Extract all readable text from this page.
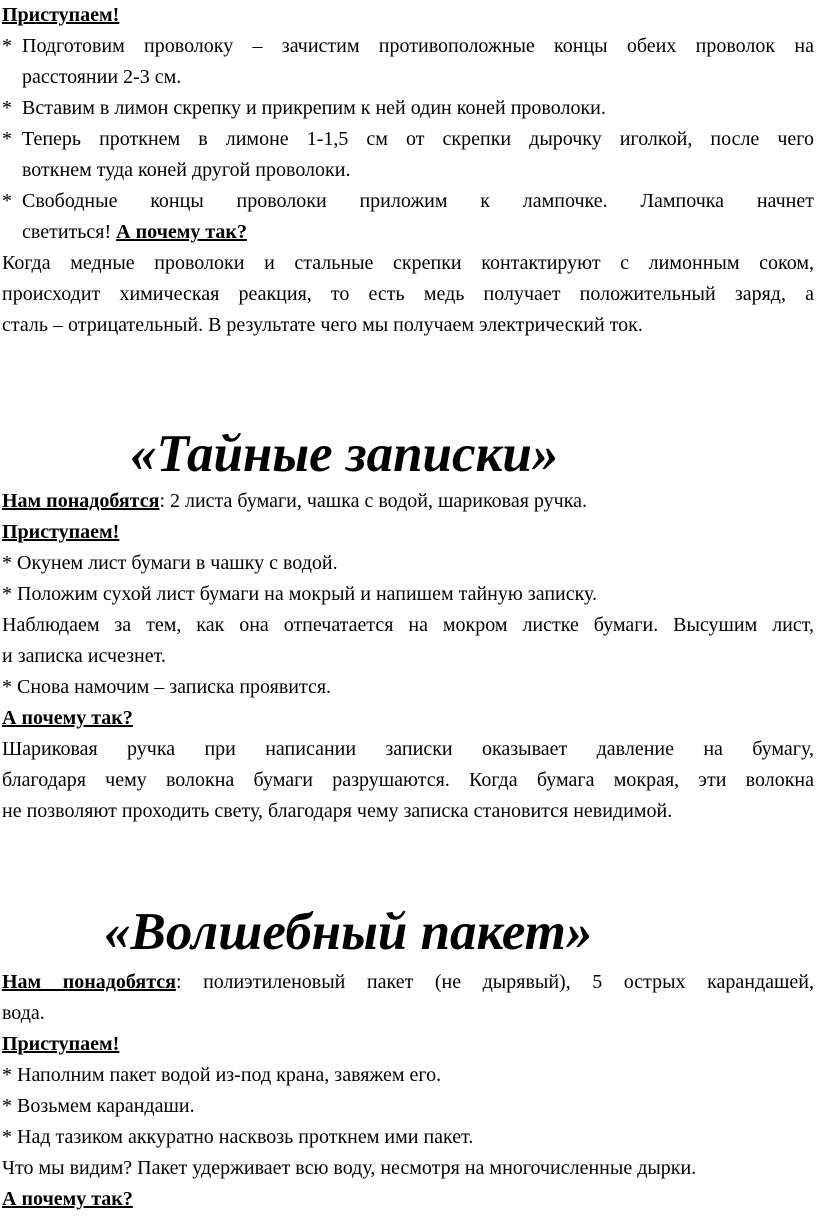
Приступаем!
* Подготовим проволоку – зачистим противоположные концы обеих проволок на
расстоянии 2-3 см.
* Вставим в лимон скрепку и прикрепим к ней один коней проволоки.
* Теперь проткнем в лимоне 1-1,5 см от скрепки дырочку иголкой, после чего
воткнем туда коней другой проволоки.
* Свободные концы проволоки приложим к лампочке. Лампочка начнет
светиться! А почему так?
Когда медные проволоки и стальные скрепки контактируют с лимонным соком,
происходит химическая реакция, то есть медь получает положительный заряд, а
сталь – отрицательный. В результате чего мы получаем электрический ток.
«Тайные записки»
Нам понадобятся: 2 листа бумаги, чашка с водой, шариковая ручка.
Приступаем!
* Окунем лист бумаги в чашку с водой.
* Положим сухой лист бумаги на мокрый и напишем тайную записку.
Наблюдаем за тем, как она отпечатается на мокром листке бумаги. Высушим лист,
и записка исчезнет.
* Снова намочим – записка проявится.
А почему так?
Шариковая ручка при написании записки оказывает давление на бумагу,
благодаря чему волокна бумаги разрушаются. Когда бумага мокрая, эти волокна
не позволяют проходить свету, благодаря чему записка становится невидимой.
«Волшебный пакет»
Нам понадобятся: полиэтиленовый пакет (не дырявый), 5 острых карандашей,
вода.
Приступаем!
* Наполним пакет водой из-под крана, завяжем его.
* Возьмем карандаши.
* Над тазиком аккуратно насквозь проткнем ими пакет.
Что мы видим? Пакет удерживает всю воду, несмотря на многочисленные дырки.
А почему так?
